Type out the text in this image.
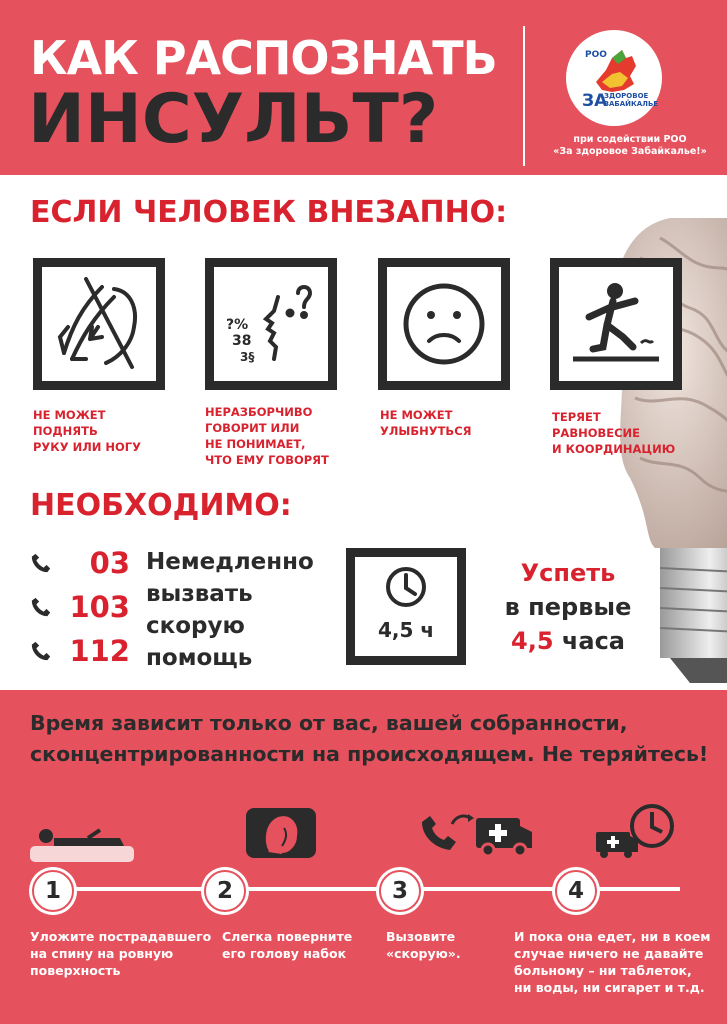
КАК РАСПОЗНАТЬ
ИНСУЛЬТ?
РОО
ЗА
ЗДОРОВОЕ ЗАБАЙКАЛЬЕ
при содействии РОО
«За здоровое Забайкалье!»
ЕСЛИ ЧЕЛОВЕК ВНЕЗАПНО:
НЕ МОЖЕТ
ПОДНЯТЬ
РУКУ ИЛИ НОГУ
?%
38
3§
НЕРАЗБОРЧИВО
ГОВОРИТ ИЛИ
НЕ ПОНИМАЕТ,
ЧТО ЕМУ ГОВОРЯТ
НЕ МОЖЕТ
УЛЫБНУТЬСЯ
ТЕРЯЕТ
РАВНОВЕСИЕ
И КООРДИНАЦИЮ
НЕОБХОДИМО:
03
103
112
Немедленно
вызвать
скорую
помощь
4,5 ч
Успеть
в первые
4,5 часа
Время зависит только от вас, вашей собранности, сконцентрированности на происходящем. Не теряйтесь!
1	2	3	4
Уложите пострадавшего
на спину на ровную
поверхность
Слегка поверните
его голову набок
Вызовите
«скорую».
И пока она едет, ни в коем
случае ничего не давайте
больному – ни таблеток,
ни воды, ни сигарет и т.д.
